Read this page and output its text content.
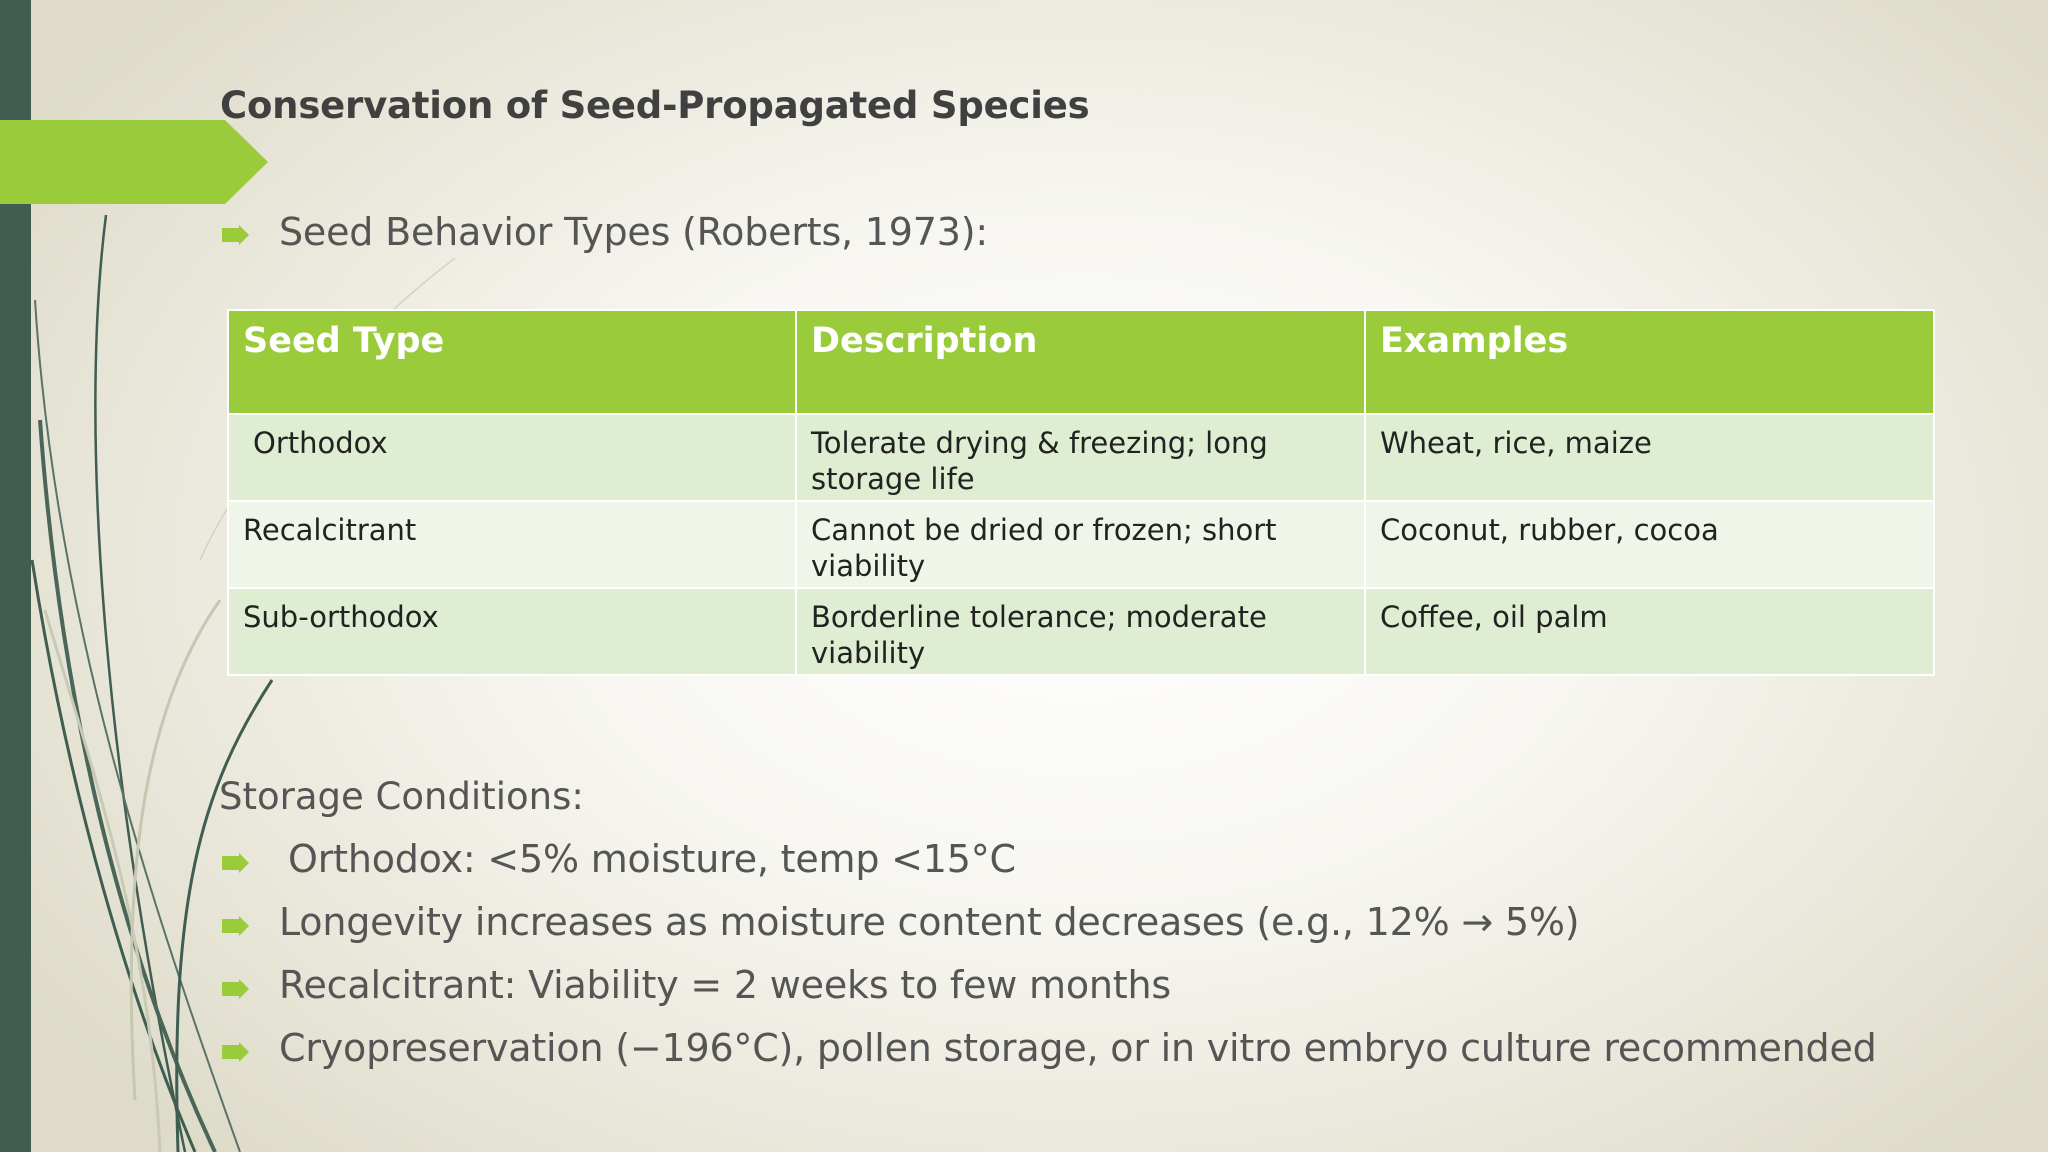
Conservation of Seed-Propagated Species
Seed Behavior Types (Roberts, 1973):
Seed Type	Description	Examples
Orthodox	Tolerate drying & freezing; long storage life	Wheat, rice, maize
Recalcitrant	Cannot be dried or frozen; short viability	Coconut, rubber, cocoa
Sub-orthodox	Borderline tolerance; moderate viability	Coffee, oil palm
Storage Conditions:
Orthodox: <5% moisture, temp <15°C
Longevity increases as moisture content decreases (e.g., 12% → 5%)
Recalcitrant: Viability = 2 weeks to few months
Cryopreservation (−196°C), pollen storage, or in vitro embryo culture recommended
